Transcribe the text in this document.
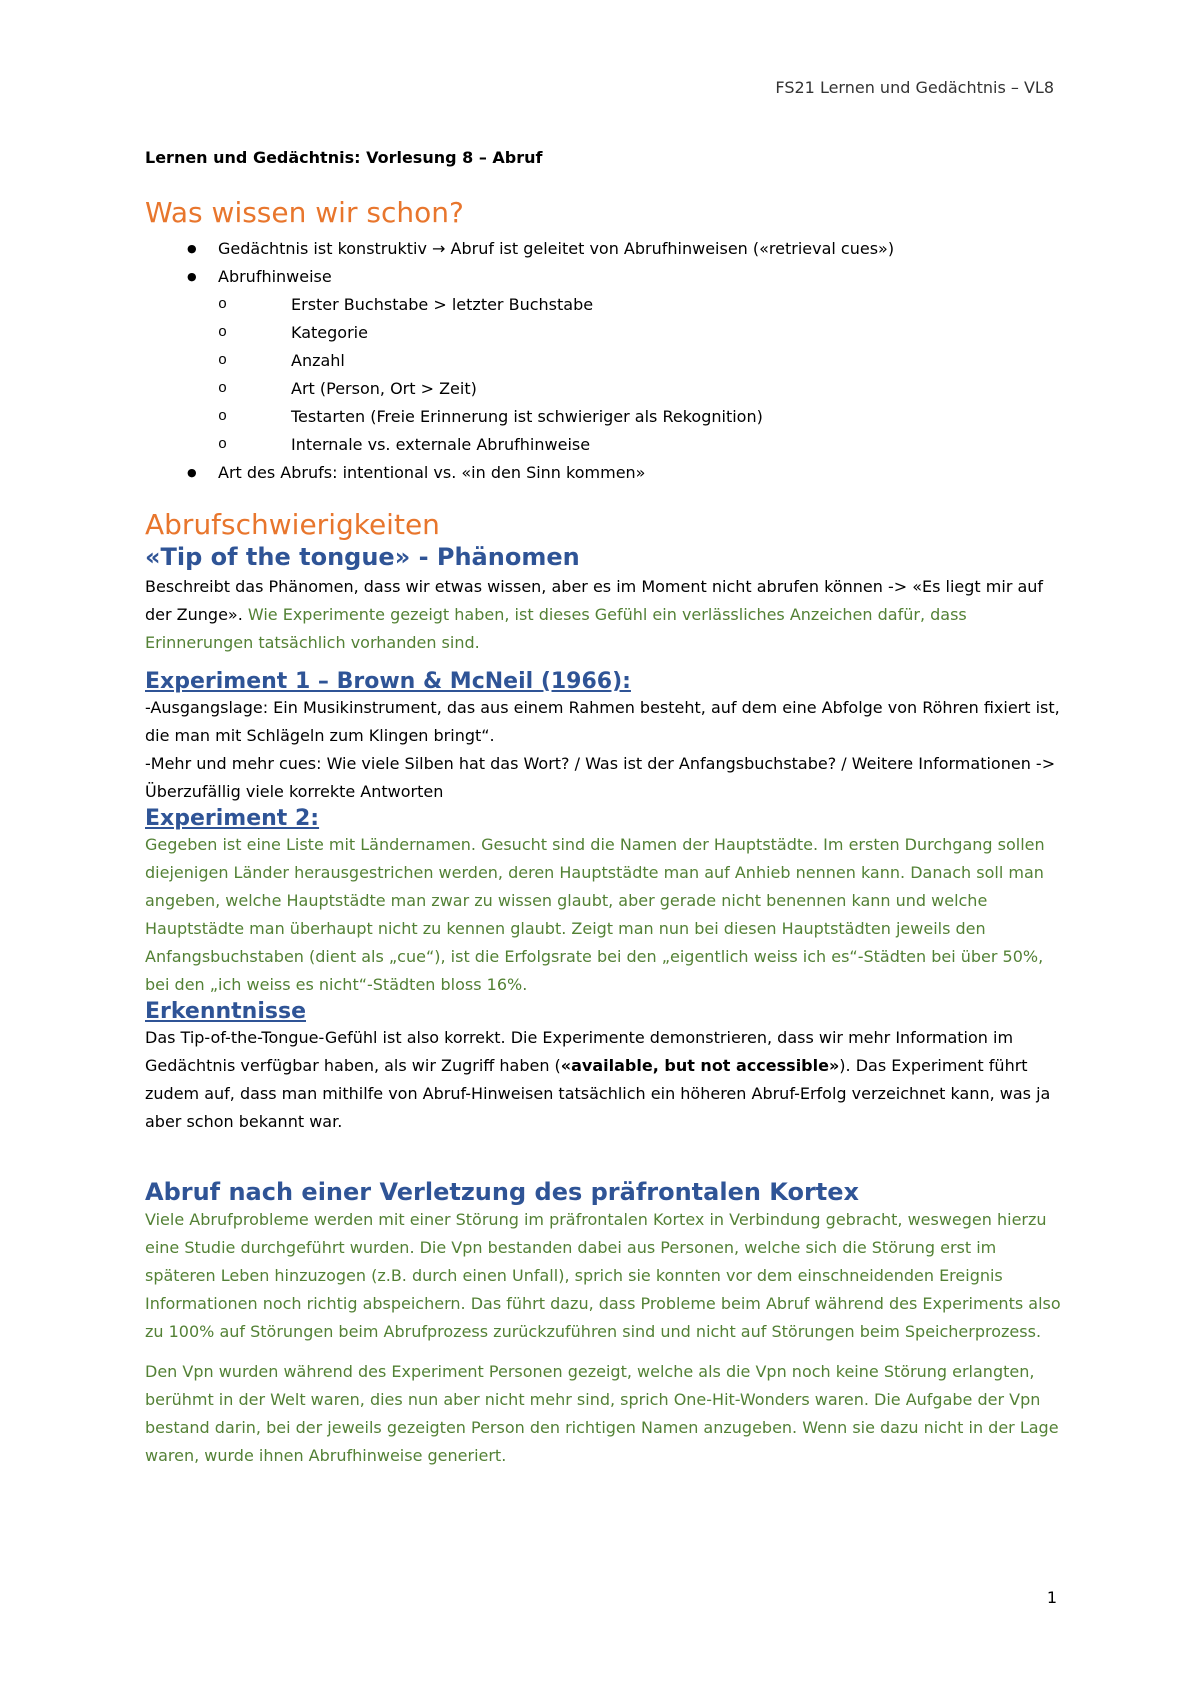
FS21 Lernen und Gedächtnis – VL8
Lernen und Gedächtnis: Vorlesung 8 – Abruf
Was wissen wir schon?
● Gedächtnis ist konstruktiv → Abruf ist geleitet von Abrufhinweisen («retrieval cues»)
● Abrufhinweise
o Erster Buchstabe > letzter Buchstabe
o Kategorie
o Anzahl
o Art (Person, Ort > Zeit)
o Testarten (Freie Erinnerung ist schwieriger als Rekognition)
o Internale vs. externale Abrufhinweise
● Art des Abrufs: intentional vs. «in den Sinn kommen»
Abrufschwierigkeiten
«Tip of the tongue» - Phänomen

Beschreibt das Phänomen, dass wir etwas wissen, aber es im Moment nicht abrufen können -> «Es liegt mir auf der Zunge». Wie Experimente gezeigt haben, ist dieses Gefühl ein verlässliches Anzeichen dafür, dass Erinnerungen tatsächlich vorhanden sind.

Experiment 1 – Brown & McNeil (1966):

-Ausgangslage: Ein Musikinstrument, das aus einem Rahmen besteht, auf dem eine Abfolge von Röhren fixiert ist, die man mit Schlägeln zum Klingen bringt“.

-Mehr und mehr cues: Wie viele Silben hat das Wort? / Was ist der Anfangsbuchstabe? / Weitere Informationen -> Überzufällig viele korrekte Antworten

Experiment 2:

Gegeben ist eine Liste mit Ländernamen. Gesucht sind die Namen der Hauptstädte. Im ersten Durchgang sollen diejenigen Länder herausgestrichen werden, deren Hauptstädte man auf Anhieb nennen kann. Danach soll man angeben, welche Hauptstädte man zwar zu wissen glaubt, aber gerade nicht benennen kann und welche Hauptstädte man überhaupt nicht zu kennen glaubt. Zeigt man nun bei diesen Hauptstädten jeweils den Anfangsbuchstaben (dient als „cue“), ist die Erfolgsrate bei den „eigentlich weiss ich es“-Städten bei über 50%, bei den „ich weiss es nicht“-Städten bloss 16%.

Erkenntnisse

Das Tip-of-the-Tongue-Gefühl ist also korrekt. Die Experimente demonstrieren, dass wir mehr Information im Gedächtnis verfügbar haben, als wir Zugriff haben («available, but not accessible»). Das Experiment führt zudem auf, dass man mithilfe von Abruf-Hinweisen tatsächlich ein höheren Abruf-Erfolg verzeichnet kann, was ja aber schon bekannt war.

Abruf nach einer Verletzung des präfrontalen Kortex

Viele Abrufprobleme werden mit einer Störung im präfrontalen Kortex in Verbindung gebracht, weswegen hierzu eine Studie durchgeführt wurden. Die Vpn bestanden dabei aus Personen, welche sich die Störung erst im späteren Leben hinzuzogen (z.B. durch einen Unfall), sprich sie konnten vor dem einschneidenden Ereignis Informationen noch richtig abspeichern. Das führt dazu, dass Probleme beim Abruf während des Experiments also zu 100% auf Störungen beim Abrufprozess zurückzuführen sind und nicht auf Störungen beim Speicherprozess.

Den Vpn wurden während des Experiment Personen gezeigt, welche als die Vpn noch keine Störung erlangten, berühmt in der Welt waren, dies nun aber nicht mehr sind, sprich One-Hit-Wonders waren. Die Aufgabe der Vpn bestand darin, bei der jeweils gezeigten Person den richtigen Namen anzugeben. Wenn sie dazu nicht in der Lage waren, wurde ihnen Abrufhinweise generiert.

1
